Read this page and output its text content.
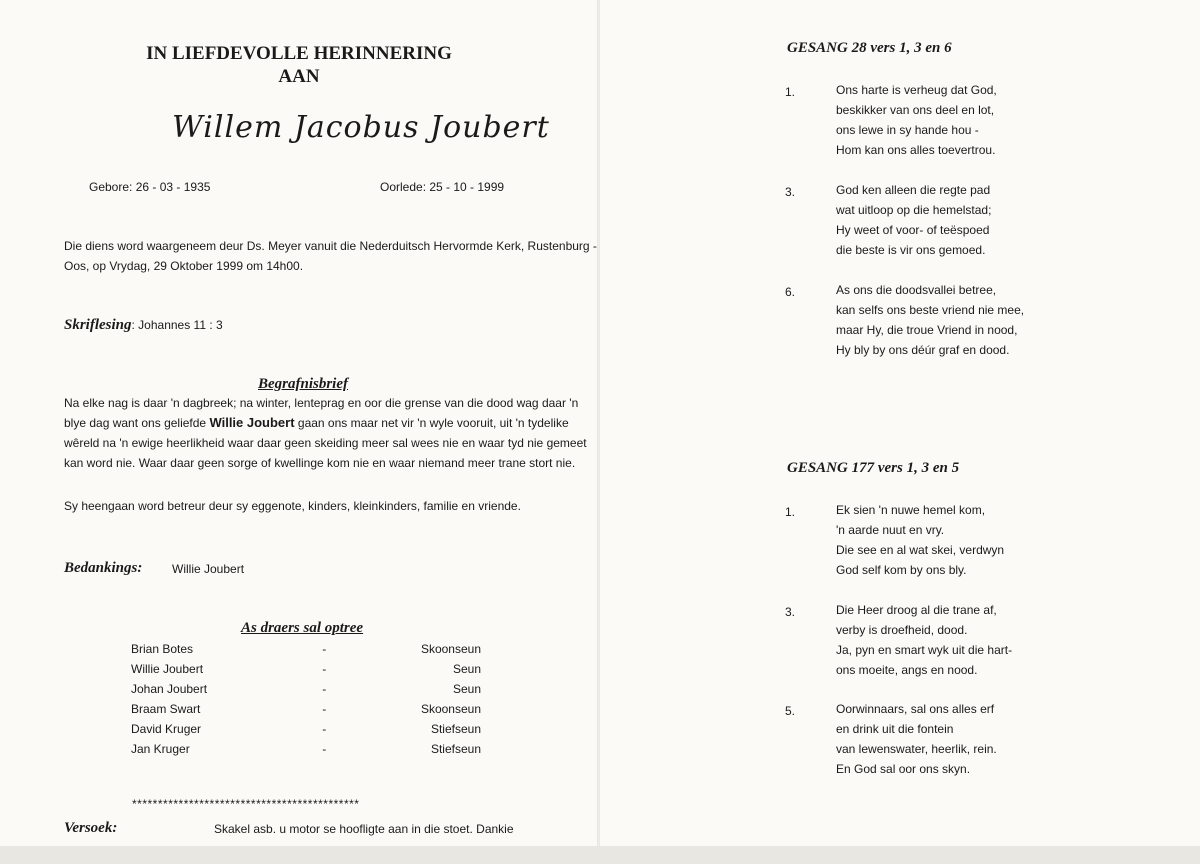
IN LIEFDEVOLLE HERINNERING
AAN
Willem Jacobus Joubert
Gebore: 26 - 03 - 1935	Oorlede: 25 - 10 - 1999

Die diens word waargeneem deur Ds. Meyer vanuit die Nederduitsch Hervormde Kerk, Rustenburg -

Oos, op Vrydag, 29 Oktober 1999 om 14h00.

Skriflesing: Johannes 11 : 3
Begrafnisbrief

Na elke nag is daar 'n dagbreek; na winter, lenteprag en oor die grense van die dood wag daar 'n

blye dag want ons geliefde Willie Joubert gaan ons maar net vir 'n wyle vooruit, uit 'n tydelike

wêreld na 'n ewige heerlikheid waar daar geen skeiding meer sal wees nie en waar tyd nie gemeet

kan word nie. Waar daar geen sorge of kwellinge kom nie en waar niemand meer trane stort nie.

Sy heengaan word betreur deur sy eggenote, kinders, kleinkinders, familie en vriende.
Bedankings: Willie Joubert
As draers sal optree
Brian Botes	-	Skoonseun
Willie Joubert	-	Seun
Johan Joubert	-	Seun
Braam Swart	-	Skoonseun
David Kruger	-	Stiefseun
Jan Kruger	-	Stiefseun
********************************************
Versoek:	Skakel asb. u motor se hoofligte aan in die stoet. Dankie
GESANG 28 vers 1, 3 en 6
1.	Ons harte is verheug dat God,
beskikker van ons deel en lot,
ons lewe in sy hande hou -
Hom kan ons alles toevertrou.
3.	God ken alleen die regte pad
wat uitloop op die hemelstad;
Hy weet of voor- of teëspoed
die beste is vir ons gemoed.
6.	As ons die doodsvallei betree,
kan selfs ons beste vriend nie mee,
maar Hy, die troue Vriend in nood,
Hy bly by ons déúr graf en dood.
GESANG 177 vers 1, 3 en 5
1.	Ek sien 'n nuwe hemel kom,
'n aarde nuut en vry.
Die see en al wat skei, verdwyn
God self kom by ons bly.
3.	Die Heer droog al die trane af,
verby is droefheid, dood.
Ja, pyn en smart wyk uit die hart-
ons moeite, angs en nood.
5.	Oorwinnaars, sal ons alles erf
en drink uit die fontein
van lewenswater, heerlik, rein.
En God sal oor ons skyn.
